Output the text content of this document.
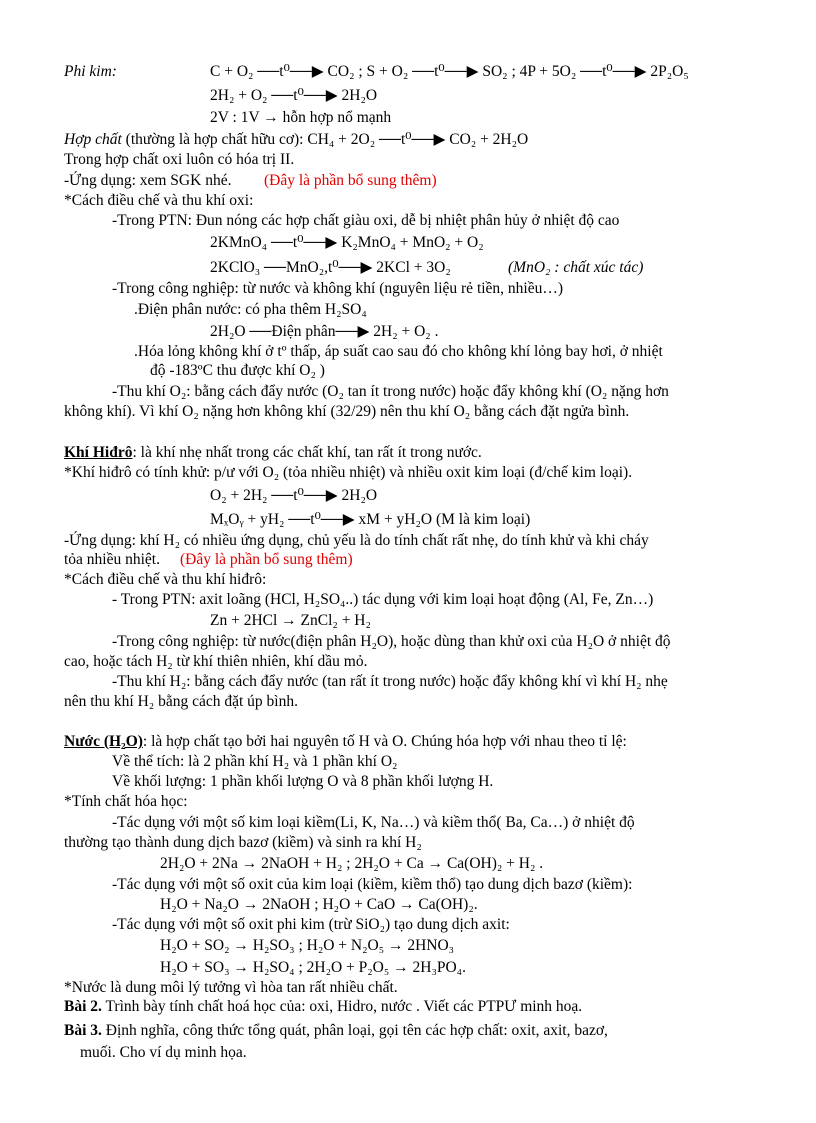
Phi kim:	C + O₂ ──t⁰──▶ CO₂ ; S + O₂ ──t⁰──▶ SO₂ ; 4P + 5O₂ ──t⁰──▶ 2P₂O₅
2H₂ + O₂ ──t⁰──▶ 2H₂O
2V : 1V → hỗn hợp nổ mạnh
Hợp chất (thường là hợp chất hữu cơ): CH₄ + 2O₂ ──t⁰──▶ CO₂ + 2H₂O
Trong hợp chất oxi luôn có hóa trị II.
-Ứng dụng: xem SGK nhé.
*Cách điều chế và thu khí oxi:
-Trong PTN: Đun nóng các hợp chất giàu oxi, dễ bị nhiệt phân hủy ở nhiệt độ cao
2KMnO₄ ──t⁰──▶ K₂MnO₄ + MnO₂ + O₂
2KClO₃ ──MnO₂,t⁰──▶ 2KCl + 3O₂
-Trong công nghiệp: từ nước và không khí (nguyên liệu rẻ tiền, nhiều…)
.Điện phân nước: có pha thêm H₂SO₄
2H₂O ──Điện phân──▶ 2H₂ + O₂ .
.Hóa lỏng không khí ở tº thấp, áp suất cao sau đó cho không khí lỏng bay hơi, ở nhiệt
độ -183ºC thu được khí O₂ )
-Thu khí O₂: bằng cách đẩy nước (O₂ tan ít trong nước) hoặc đẩy không khí (O₂ nặng hơn
không khí). Vì khí O₂ nặng hơn không khí (32/29) nên thu khí O₂ bằng cách đặt ngửa bình.
Khí Hiđrô: là khí nhẹ nhất trong các chất khí, tan rất ít trong nước.
*Khí hiđrô có tính khử: p/ư với O₂ (tỏa nhiều nhiệt) và nhiều oxit kim loại (đ/chế kim loại).
O₂ + 2H₂ ──t⁰──▶ 2H₂O
MₓOᵧ + yH₂ ──t⁰──▶ xM + yH₂O (M là kim loại)
-Ứng dụng: khí H₂ có nhiều ứng dụng, chủ yếu là do tính chất rất nhẹ, do tính khử và khi cháy
tỏa nhiều nhiệt.
*Cách điều chế và thu khí hiđrô:
- Trong PTN: axit loãng (HCl, H₂SO₄..) tác dụng với kim loại hoạt động (Al, Fe, Zn…)
Zn + 2HCl → ZnCl₂ + H₂
-Trong công nghiệp: từ nước(điện phân H₂O), hoặc dùng than khử oxi của H₂O ở nhiệt độ
cao, hoặc tách H₂ từ khí thiên nhiên, khí dầu mỏ.
-Thu khí H₂: bằng cách đẩy nước (tan rất ít trong nước) hoặc đẩy không khí vì khí H₂ nhẹ
nên thu khí H₂ bằng cách đặt úp bình.
Nước (H₂O): là hợp chất tạo bởi hai nguyên tố H và O. Chúng hóa hợp với nhau theo tỉ lệ:
Về thể tích: là 2 phần khí H₂ và 1 phần khí O₂
Về khối lượng: 1 phần khối lượng O và 8 phần khối lượng H.
*Tính chất hóa học:
-Tác dụng với một số kim loại kiềm(Li, K, Na…) và kiềm thổ( Ba, Ca…) ở nhiệt độ
thường tạo thành dung dịch bazơ (kiềm) và sinh ra khí H₂
2H₂O + 2Na → 2NaOH + H₂ ; 2H₂O + Ca → Ca(OH)₂ + H₂ .
-Tác dụng với một số oxit của kim loại (kiềm, kiềm thổ) tạo dung dịch bazơ (kiềm):
H₂O + Na₂O → 2NaOH ; H₂O + CaO → Ca(OH)₂.
-Tác dụng với một số oxit phi kim (trừ SiO₂) tạo dung dịch axit:
H₂O + SO₂ → H₂SO₃ ; H₂O + N₂O₅ → 2HNO₃
H₂O + SO₃ → H₂SO₄ ; 2H₂O + P₂O₅ → 2H₃PO₄.
*Nước là dung môi lý tưởng vì hòa tan rất nhiều chất.
Bài 2. Trình bày tính chất hoá học của: oxi, Hidro, nước . Viết các PTPƯ minh hoạ.
Bài 3. Định nghĩa, công thức tổng quát, phân loại, gọi tên các hợp chất: oxit, axit, bazơ,
muối. Cho ví dụ minh họa.
(Đây là phần bổ sung thêm)
(MnO₂ : chất xúc tác)
(Đây là phần bổ sung thêm)
